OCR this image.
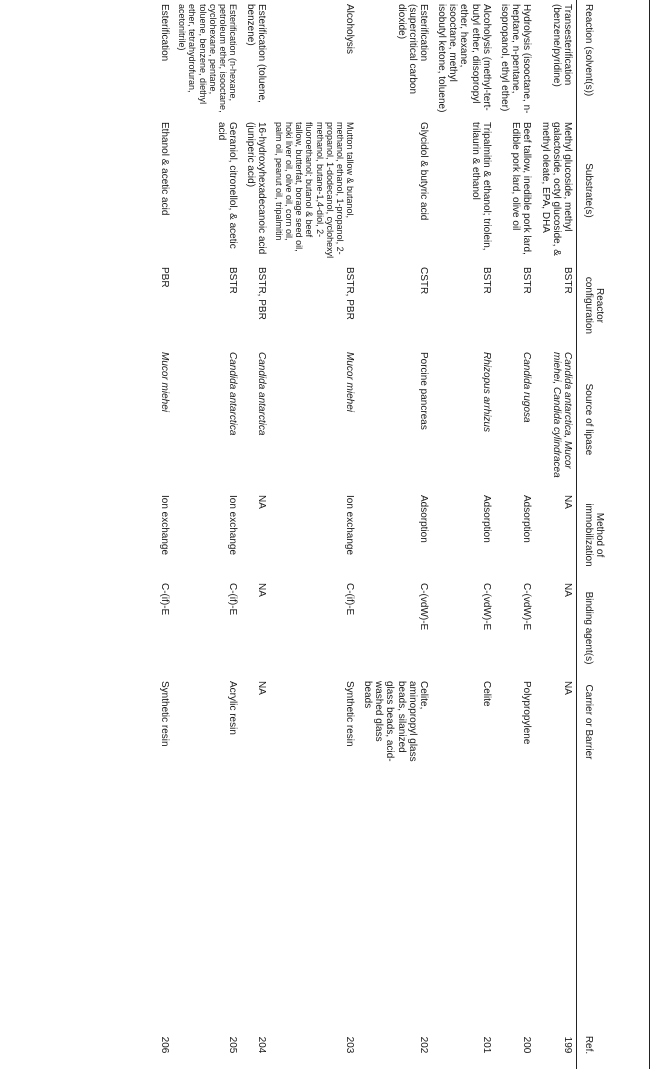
Reaction (solvent(s))	Substrate(s)	Reactor configuration	Source of lipase	Method of immobilization	Binding agent(s)	Carrier or Barrier		Ref.
Transesterification (benzene/pyridine)	Methyl glucoside, methyl galactoside, octyl glucoside, & methyl oleate, EPA, DHA	BSTR	Candida antarctica, Mucor miehei, Candida cylindracea	NA	NA	NA		199
Hydrolysis (isooctane, n-heptane, n-pentane, isopropanol, ethyl ether)	Beef tallow, inedible pork lard, Edible pork lard, olive oil	BSTR	Candida rugosa	Adsorption	C-(vdW)-E	Polypropylene		200
Alcoholysis (methyl-tert-butyl ether, diisopropyl ether, hexane, isooctane, methyl isobutyl ketone, toluene)	Tripalmitin & ethanol; triolein, trilaurin & ethanol	BSTR	Rhizopus arrhizus	Adsorption	C-(vdW)-E	Celite		201
Esterification (supercritical carbon dioxide)	Glycidol & butyric acid	CSTR	Porcine pancreas	Adsorption	C-(vdW)-E	Celite, aminopropyl glass beads, silanized glass beads, acid-washed glass beads		202
Alcoholysis	Mutton tallow & butanol, methanol, ethanol, 1-propanol, 2-propanol, 1-dodecanol, cyclohexyl methanol, butane-1,4-diol, 2-fluoroethanol; butanol & beef tallow, butterfat, borage seed oil, hoki liver oil, olive oil, corn oil, palm oil, peanut oil, tripalmitin	BSTR, PBR	Mucor miehei	Ion exchange	C-(if)-E	Synthetic resin		203
Esterification (toluene, benzene)	16-hydroxyhexadecanoic acid (juniperic acid)	BSTR, PBR	Candida antarctica	NA	NA	NA		204
Esterification (n-hexane, petroleum ether, isooctane, cyclohexane, pentane, toluene, benzene, diethyl ether, tetrahydrofuran, acetonitrile)	Geraniol, citronellol, & acetic acid	BSTR	Candida antarctica	Ion exchange	C-(if)-E	Acrylic resin		205
Esterification	Ethanol & acetic acid	PBR	Mucor miehei	Ion exchange	C-(if)-E	Synthetic resin		206
